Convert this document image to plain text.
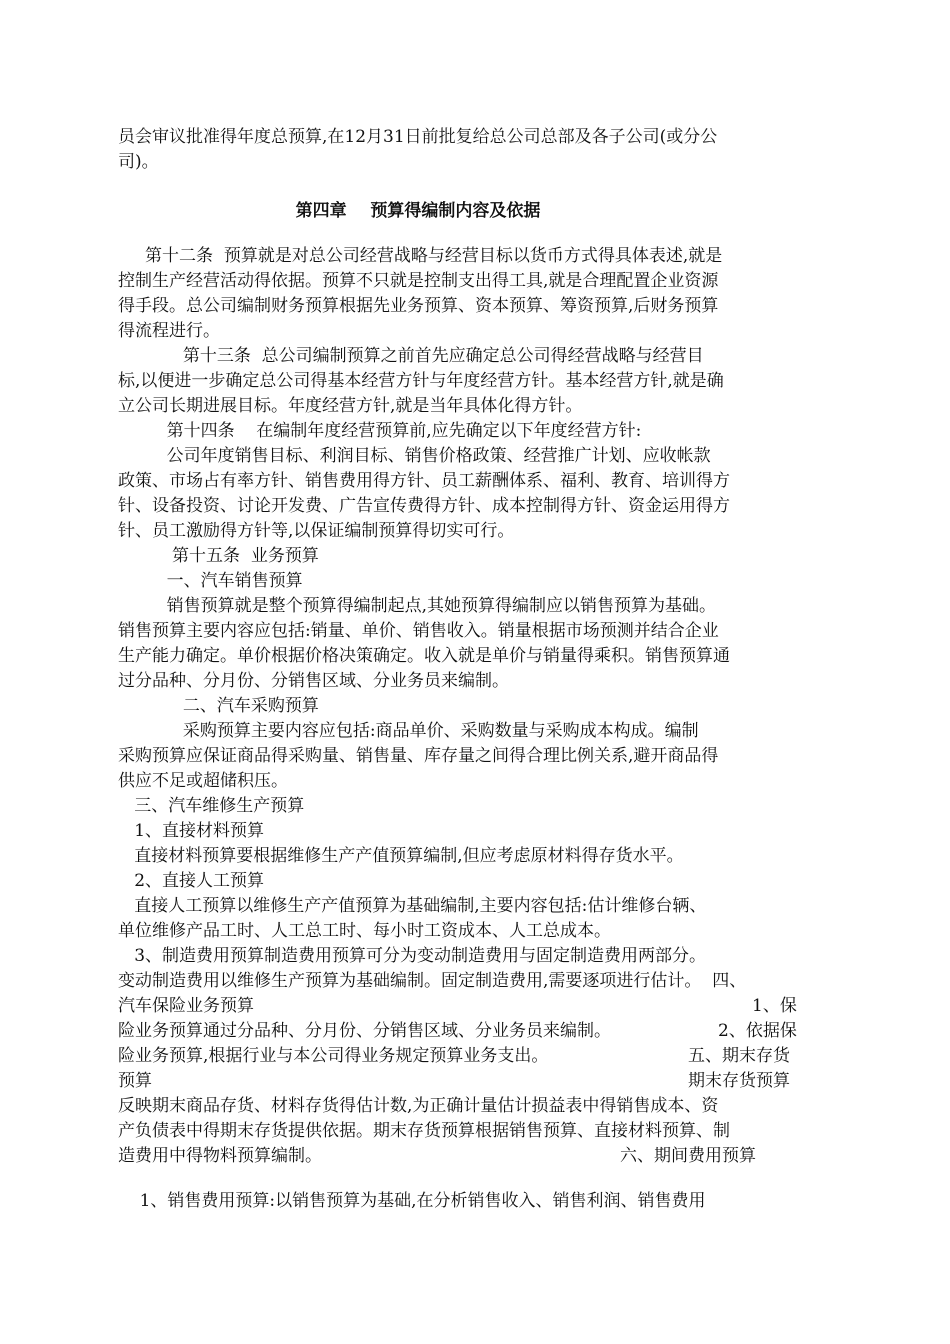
员会审议批准得年度总预算,在12月31日前批复给总公司总部及各子公司(或分公
司)。
第四章    预算得编制内容及依据
第十二条  预算就是对总公司经营战略与经营目标以货币方式得具体表述,就是
控制生产经营活动得依据。预算不只就是控制支出得工具,就是合理配置企业资源
得手段。总公司编制财务预算根据先业务预算、资本预算、筹资预算,后财务预算
得流程进行。
第十三条  总公司编制预算之前首先应确定总公司得经营战略与经营目
标,以便进一步确定总公司得基本经营方针与年度经营方针。基本经营方针,就是确
立公司长期进展目标。年度经营方针,就是当年具体化得方针。
第十四条    在编制年度经营预算前,应先确定以下年度经营方针:
公司年度销售目标、利润目标、销售价格政策、经营推广计划、应收帐款
政策、市场占有率方针、销售费用得方针、员工薪酬体系、福利、教育、培训得方
针、设备投资、讨论开发费、广告宣传费得方针、成本控制得方针、资金运用得方
针、员工激励得方针等,以保证编制预算得切实可行。
第十五条  业务预算
一、汽车销售预算
销售预算就是整个预算得编制起点,其她预算得编制应以销售预算为基础。
销售预算主要内容应包括:销量、单价、销售收入。销量根据市场预测并结合企业
生产能力确定。单价根据价格决策确定。收入就是单价与销量得乘积。销售预算通
过分品种、分月份、分销售区域、分业务员来编制。
二、汽车采购预算
采购预算主要内容应包括:商品单价、采购数量与采购成本构成。编制
采购预算应保证商品得采购量、销售量、库存量之间得合理比例关系,避开商品得
供应不足或超储积压。
三、汽车维修生产预算
1、直接材料预算
直接材料预算要根据维修生产产值预算编制,但应考虑原材料得存货水平。
2、直接人工预算
直接人工预算以维修生产产值预算为基础编制,主要内容包括:估计维修台辆、
单位维修产品工时、人工总工时、每小时工资成本、人工总成本。
3、制造费用预算制造费用预算可分为变动制造费用与固定制造费用两部分。
变动制造费用以维修生产预算为基础编制。固定制造费用,需要逐项进行估计。  四、
汽车保险业务预算	1、保
险业务预算通过分品种、分月份、分销售区域、分业务员来编制。	2、依据保
险业务预算,根据行业与本公司得业务规定预算业务支出。	五、期末存货
预算	期末存货预算
反映期末商品存货、材料存货得估计数,为正确计量估计损益表中得销售成本、资
产负债表中得期末存货提供依据。期末存货预算根据销售预算、直接材料预算、制
造费用中得物料预算编制。	六、期间费用预算
1、销售费用预算:以销售预算为基础,在分析销售收入、销售利润、销售费用
